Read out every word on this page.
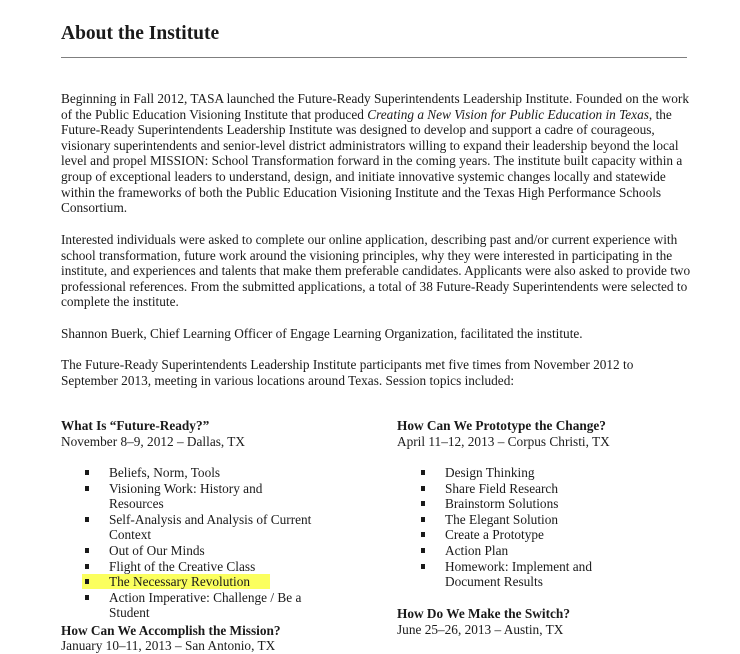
About the Institute

Beginning in Fall 2012, TASA launched the Future-Ready Superintendents Leadership Institute. Founded on the work of the Public Education Visioning Institute that produced Creating a New Vision for Public Education in Texas, the Future-Ready Superintendents Leadership Institute was designed to develop and support a cadre of courageous, visionary superintendents and senior-level district administrators willing to expand their leadership beyond the local level and propel MISSION: School Transformation forward in the coming years. The institute built capacity within a group of exceptional leaders to understand, design, and initiate innovative systemic changes locally and statewide within the frameworks of both the Public Education Visioning Institute and the Texas High Performance Schools Consortium.

Interested individuals were asked to complete our online application, describing past and/or current experience with school transformation, future work around the visioning principles, why they were interested in participating in the institute, and experiences and talents that make them preferable candidates. Applicants were also asked to provide two professional references. From the submitted applications, a total of 38 Future-Ready Superintendents were selected to complete the institute.

Shannon Buerk, Chief Learning Officer of Engage Learning Organization, facilitated the institute.

The Future-Ready Superintendents Leadership Institute participants met five times from November 2012 to September 2013, meeting in various locations around Texas. Session topics included:

What Is “Future-Ready?”

November 8–9, 2012 – Dallas, TX

Beliefs, Norm, Tools
Visioning Work: History and Resources
Self-Analysis and Analysis of Current Context
Out of Our Minds
Flight of the Creative Class
The Necessary Revolution
Action Imperative: Challenge / Be a Student

How Can We Accomplish the Mission?

January 10–11, 2013 – San Antonio, TX

How Can We Prototype the Change?

April 11–12, 2013 – Corpus Christi, TX

Design Thinking
Share Field Research
Brainstorm Solutions
The Elegant Solution
Create a Prototype
Action Plan
Homework: Implement and Document Results

How Do We Make the Switch?

June 25–26, 2013 – Austin, TX
